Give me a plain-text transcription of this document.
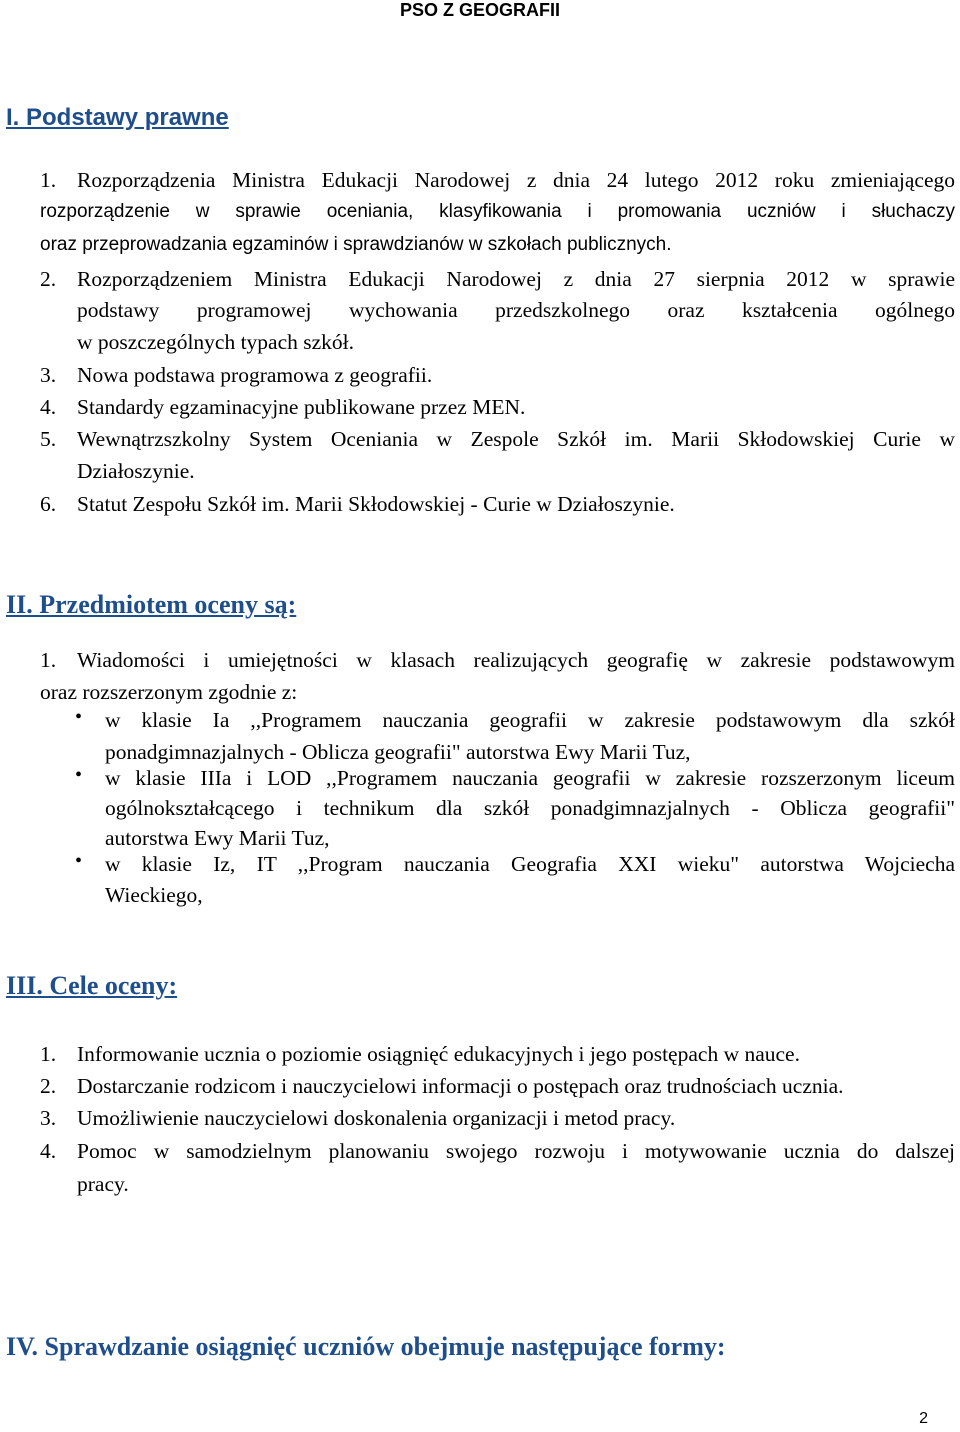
PSO Z GEOGRAFII
I. Podstawy prawne
1. Rozporządzenia Ministra Edukacji Narodowej z dnia 24 lutego 2012 roku zmieniającego
rozporządzenie w sprawie oceniania, klasyfikowania i promowania uczniów i słuchaczy
oraz przeprowadzania egzaminów i sprawdzianów w szkołach publicznych.
2. Rozporządzeniem Ministra Edukacji Narodowej z dnia 27 sierpnia 2012 w sprawie
podstawy programowej wychowania przedszkolnego oraz kształcenia ogólnego
w poszczególnych typach szkół.
3. Nowa podstawa programowa z geografii.
4. Standardy egzaminacyjne publikowane przez MEN.
5. Wewnątrzszkolny System Oceniania w Zespole Szkół im. Marii Skłodowskiej Curie w
Działoszynie.
6. Statut Zespołu Szkół im. Marii Skłodowskiej - Curie w Działoszynie.
II. Przedmiotem oceny są:
1. Wiadomości i umiejętności w klasach realizujących geografię w zakresie podstawowym
oraz rozszerzonym zgodnie z:
• w klasie Ia ,,Programem nauczania geografii w zakresie podstawowym dla szkół
ponadgimnazjalnych - Oblicza geografii" autorstwa Ewy Marii Tuz,
• w klasie IIIa i LOD ,,Programem nauczania geografii w zakresie rozszerzonym liceum
ogólnokształcącego i technikum dla szkół ponadgimnazjalnych - Oblicza geografii"
autorstwa Ewy Marii Tuz,
• w klasie Iz, IT ,,Program nauczania Geografia XXI wieku" autorstwa Wojciecha
Wieckiego,
III. Cele oceny:
1. Informowanie ucznia o poziomie osiągnięć edukacyjnych i jego postępach w nauce.
2. Dostarczanie rodzicom i nauczycielowi informacji o postępach oraz trudnościach ucznia.
3. Umożliwienie nauczycielowi doskonalenia organizacji i metod pracy.
4. Pomoc w samodzielnym planowaniu swojego rozwoju i motywowanie ucznia do dalszej
pracy.
IV. Sprawdzanie osiągnięć uczniów obejmuje następujące formy:
2
